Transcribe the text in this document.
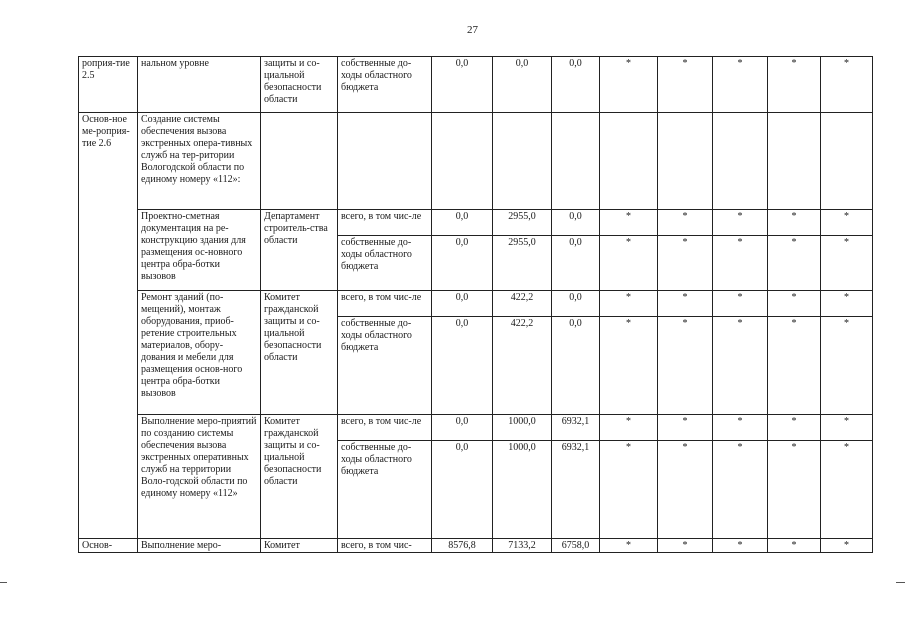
27
роприя-тие 2.5	нальном уровне	защиты и со-циальной безопасности области	собственные до-ходы областного бюджета	0,0	0,0	0,0	*	*	*	*	*
Основ-ное ме-роприя-тие 2.6	Создание системы обеспечения вызова экстренных опера-тивных служб на тер-ритории Вологодской области по единому номеру «112»:										
	Проектно-сметная документация на ре-конструкцию здания для размещения ос-новного центра обра-ботки вызовов	Департамент строитель-ства области	всего, в том чис-ле	0,0	2955,0	0,0	*	*	*	*	*
			собственные до-ходы областного бюджета	0,0	2955,0	0,0	*	*	*	*	*
	Ремонт зданий (по-мещений), монтаж оборудования, приоб-ретение строительных материалов, обору-дования и мебели для размещения основ-ного центра обра-ботки вызовов	Комитет гражданской защиты и со-циальной безопасности области	всего, в том чис-ле	0,0	422,2	0,0	*	*	*	*	*
			собственные до-ходы областного бюджета	0,0	422,2	0,0	*	*	*	*	*
	Выполнение меро-приятий по созданию системы обеспечения вызова экстренных оперативных служб на территории Воло-годской области по единому номеру «112»	Комитет гражданской защиты и со-циальной безопасности области	всего, в том чис-ле	0,0	1000,0	6932,1	*	*	*	*	*
			собственные до-ходы областного бюджета	0,0	1000,0	6932,1	*	*	*	*	*
Основ-	Выполнение меро-	Комитет	всего, в том чис-	8576,8	7133,2	6758,0	*	*	*	*	*
